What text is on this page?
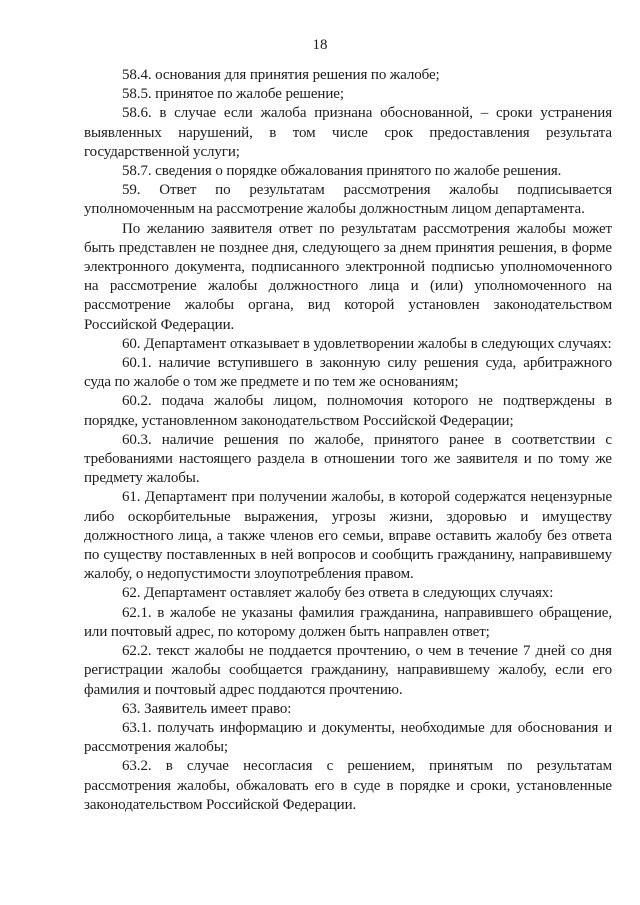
18

58.4. основания для принятия решения по жалобе;

58.5. принятое по жалобе решение;

58.6. в случае если жалоба признана обоснованной, – сроки устранения выявленных нарушений, в том числе срок предоставления результата государственной услуги;

58.7. сведения о порядке обжалования принятого по жалобе решения.

59. Ответ по результатам рассмотрения жалобы подписывается уполномоченным на рассмотрение жалобы должностным лицом департамента.

По желанию заявителя ответ по результатам рассмотрения жалобы может быть представлен не позднее дня, следующего за днем принятия решения, в форме электронного документа, подписанного электронной подписью уполномоченного на рассмотрение жалобы должностного лица и (или) уполномоченного на рассмотрение жалобы органа, вид которой установлен законодательством Российской Федерации.

60. Департамент отказывает в удовлетворении жалобы в следующих случаях:

60.1. наличие вступившего в законную силу решения суда, арбитражного суда по жалобе о том же предмете и по тем же основаниям;

60.2. подача жалобы лицом, полномочия которого не подтверждены в порядке, установленном законодательством Российской Федерации;

60.3. наличие решения по жалобе, принятого ранее в соответствии с требованиями настоящего раздела в отношении того же заявителя и по тому же предмету жалобы.

61. Департамент при получении жалобы, в которой содержатся нецензурные либо оскорбительные выражения, угрозы жизни, здоровью и имуществу должностного лица, а также членов его семьи, вправе оставить жалобу без ответа по существу поставленных в ней вопросов и сообщить гражданину, направившему жалобу, о недопустимости злоупотребления правом.

62. Департамент оставляет жалобу без ответа в следующих случаях:

62.1. в жалобе не указаны фамилия гражданина, направившего обращение, или почтовый адрес, по которому должен быть направлен ответ;

62.2. текст жалобы не поддается прочтению, о чем в течение 7 дней со дня регистрации жалобы сообщается гражданину, направившему жалобу, если его фамилия и почтовый адрес поддаются прочтению.

63. Заявитель имеет право:

63.1. получать информацию и документы, необходимые для обоснования и рассмотрения жалобы;

63.2. в случае несогласия с решением, принятым по результатам рассмотрения жалобы, обжаловать его в суде в порядке и сроки, установленные законодательством Российской Федерации.
